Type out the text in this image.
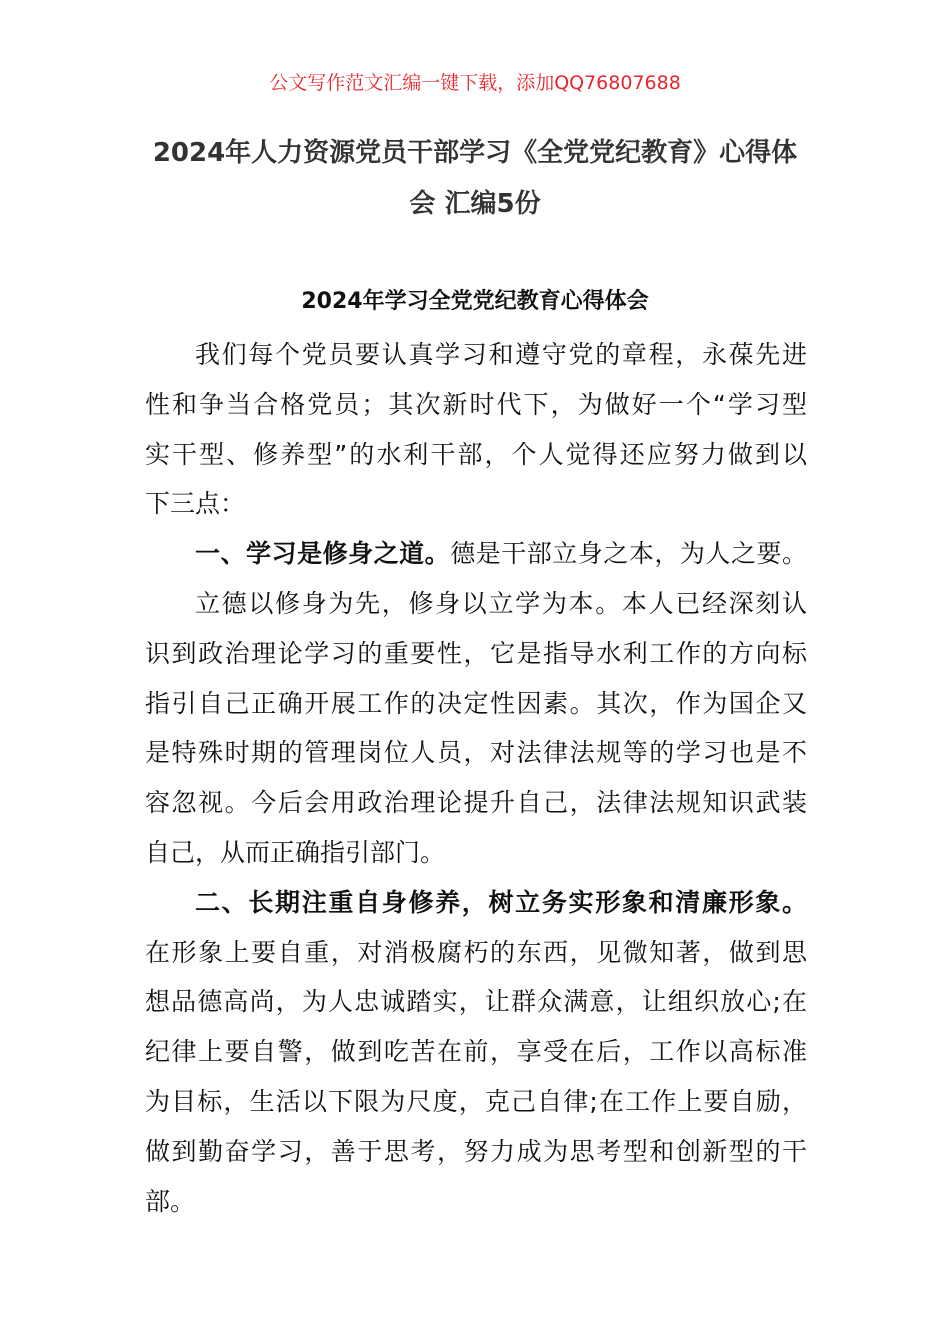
公文写作范文汇编一键下载，添加QQ76807688
2024年人力资源党员干部学习《全党党纪教育》心得体
会 汇编5份
2024年学习全党党纪教育心得体会
我们每个党员要认真学习和遵守党的章程，永葆先进
性和争当合格党员；其次新时代下，为做好一个“学习型
实干型、修养型”的水利干部，个人觉得还应努力做到以
下三点：
一、学习是修身之道。德是干部立身之本，为人之要。
立德以修身为先，修身以立学为本。本人已经深刻认
识到政治理论学习的重要性，它是指导水利工作的方向标
指引自己正确开展工作的决定性因素。其次，作为国企又
是特殊时期的管理岗位人员，对法律法规等的学习也是不
容忽视。今后会用政治理论提升自己，法律法规知识武装
自己，从而正确指引部门。
二、长期注重自身修养，树立务实形象和清廉形象。
在形象上要自重，对消极腐朽的东西，见微知著，做到思
想品德高尚，为人忠诚踏实，让群众满意，让组织放心;在
纪律上要自警，做到吃苦在前，享受在后，工作以高标准
为目标，生活以下限为尺度，克己自律;在工作上要自励，
做到勤奋学习，善于思考，努力成为思考型和创新型的干
部。
